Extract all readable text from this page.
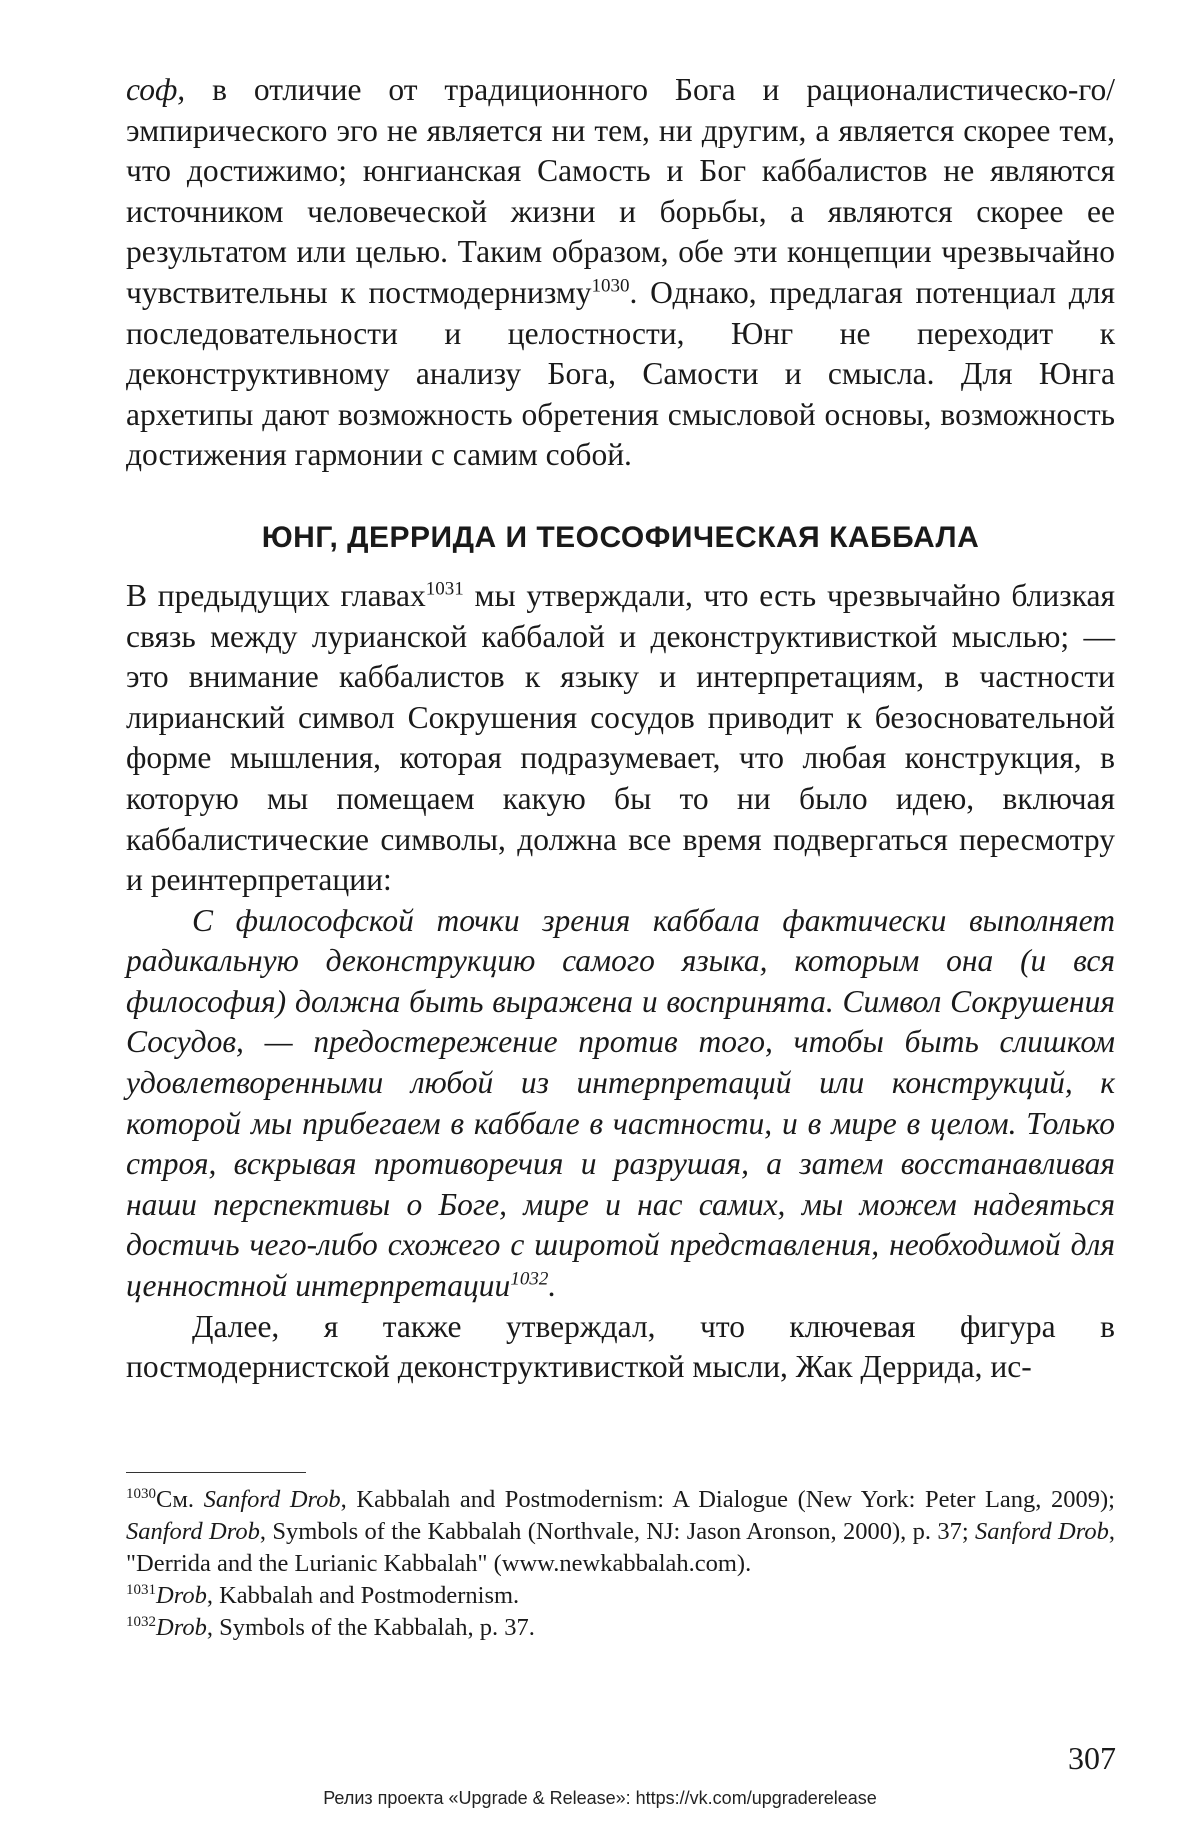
соф, в отличие от традиционного Бога и рационалистическо-го/эмпирического эго не является ни тем, ни другим, а является скорее тем, что достижимо; юнгианская Самость и Бог каббалистов не являются источником человеческой жизни и борьбы, а являются скорее ее результатом или целью. Таким образом, обе эти концепции чрезвычайно чувствительны к постмодернизму$^{1030}$. Однако, предлагая потенциал для последовательности и целостности, Юнг не переходит к деконструктивному анализу Бога, Самости и смысла. Для Юнга архетипы дают возможность обретения смысловой основы, возможность достижения гармонии с самим собой.

ЮНГ, ДЕРРИДА И ТЕОСОФИЧЕСКАЯ КАББАЛА

В предыдущих главах$^{1031}$ мы утверждали, что есть чрезвычайно близкая связь между лурианской каббалой и деконструктивисткой мыслью; — это внимание каббалистов к языку и интерпретациям, в частности лирианский символ Сокрушения сосудов приводит к безосновательной форме мышления, которая подразумевает, что любая конструкция, в которую мы помещаем какую бы то ни было идею, включая каббалистические символы, должна все время подвергаться пересмотру и реинтерпретации:

С философской точки зрения каббала фактически выполняет радикальную деконструкцию самого языка, которым она (и вся философия) должна быть выражена и воспринята. Символ Сокрушения Сосудов, — предостережение против того, чтобы быть слишком удовлетворенными любой из интерпретаций или конструкций, к которой мы прибегаем в каббале в частности, и в мире в целом. Только строя, вскрывая противоречия и разрушая, а затем восстанавливая наши перспективы о Боге, мире и нас самих, мы можем надеяться достичь чего-либо схожего с широтой представления, необходимой для ценностной интерпретации$^{1032}$.

Далее, я также утверждал, что ключевая фигура в постмодернистской деконструктивисткой мысли, Жак Деррида, ис-

$^{1030}$См. Sanford Drob, Kabbalah and Postmodernism: A Dialogue (New York: Peter Lang, 2009); Sanford Drob, Symbols of the Kabbalah (Northvale, NJ: Jason Aronson, 2000), p. 37; Sanford Drob, "Derrida and the Lurianic Kabbalah" (www.newkabbalah.com).

$^{1031}$Drob, Kabbalah and Postmodernism.

$^{1032}$Drob, Symbols of the Kabbalah, p. 37.

307
Релиз проекта «Upgrade & Release»: https://vk.com/upgraderelease
